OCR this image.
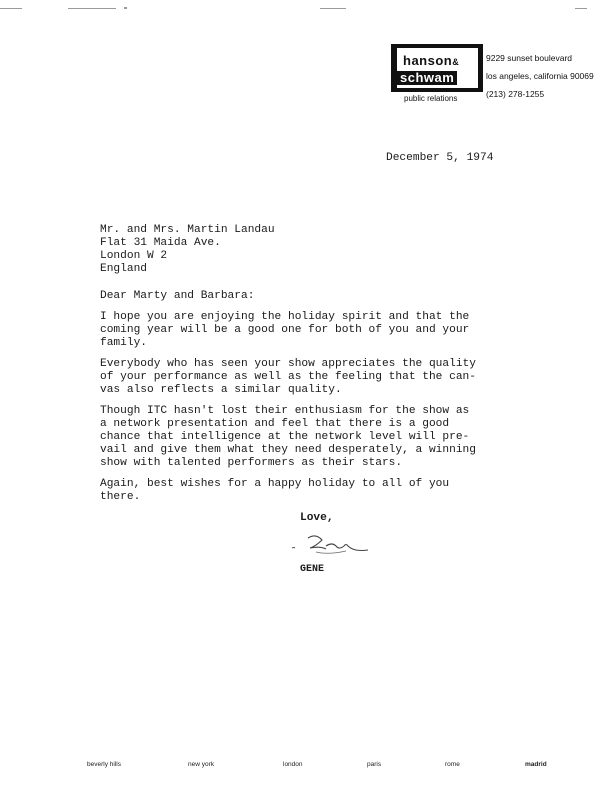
hanson&
schwam
public relations
9229 sunset boulevard
los angeles, california 90069
(213) 278-1255
December 5, 1974
Mr. and Mrs. Martin Landau
Flat 31 Maida Ave.
London W 2
England
Dear Marty and Barbara:
I hope you are enjoying the holiday spirit and that the
coming year will be a good one for both of you and your
family.
Everybody who has seen your show appreciates the quality
of your performance as well as the feeling that the can-
vas also reflects a similar quality.
Though ITC hasn't lost their enthusiasm for the show as
a network presentation and feel that there is a good
chance that intelligence at the network level will pre-
vail and give them what they need desperately, a winning
show with talented performers as their stars.
Again, best wishes for a happy holiday to all of you
there.
Love,
GENE
beverly hills	new york	london	paris	rome	madrid
